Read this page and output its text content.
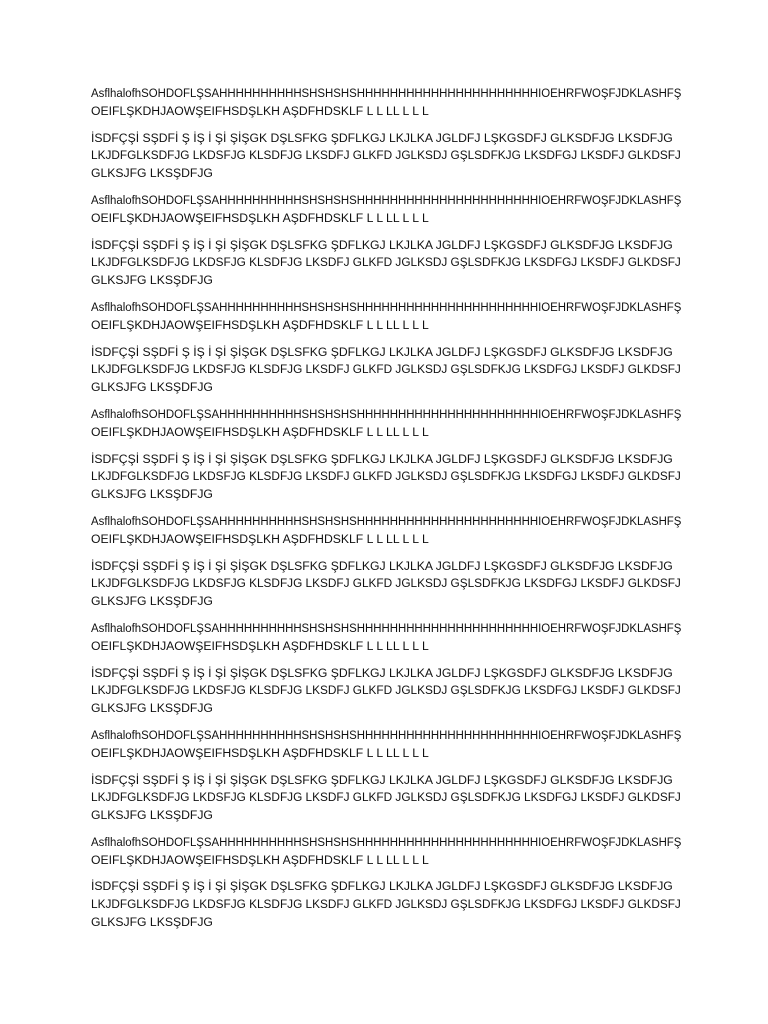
AsflhalofhSOHDOFLŞSAHHHHHHHHHHSHSHSHSHHHHHHHHHHHHHHHHHHHHHHIOEHRFWOŞFJDKLASHFŞ
OEIFLŞKDHJAOWŞEIFHSDŞLKH AŞDFHDSKLF L L LL L L L
İSDFÇŞİ SŞDFİ Ş İŞ İ Şİ ŞİŞGK DŞLSFKG ŞDFLKGJ LKJLKA JGLDFJ LŞKGSDFJ GLKSDFJG LKSDFJG
LKJDFGLKSDFJG LKDSFJG KLSDFJG LKSDFJ GLKFD JGLKSDJ GŞLSDFKJG LKSDFGJ LKSDFJ GLKDSFJ
GLKSJFG LKSŞDFJG
AsflhalofhSOHDOFLŞSAHHHHHHHHHHSHSHSHSHHHHHHHHHHHHHHHHHHHHHHIOEHRFWOŞFJDKLASHFŞ
OEIFLŞKDHJAOWŞEIFHSDŞLKH AŞDFHDSKLF L L LL L L L
İSDFÇŞİ SŞDFİ Ş İŞ İ Şİ ŞİŞGK DŞLSFKG ŞDFLKGJ LKJLKA JGLDFJ LŞKGSDFJ GLKSDFJG LKSDFJG
LKJDFGLKSDFJG LKDSFJG KLSDFJG LKSDFJ GLKFD JGLKSDJ GŞLSDFKJG LKSDFGJ LKSDFJ GLKDSFJ
GLKSJFG LKSŞDFJG
AsflhalofhSOHDOFLŞSAHHHHHHHHHHSHSHSHSHHHHHHHHHHHHHHHHHHHHHHIOEHRFWOŞFJDKLASHFŞ
OEIFLŞKDHJAOWŞEIFHSDŞLKH AŞDFHDSKLF L L LL L L L
İSDFÇŞİ SŞDFİ Ş İŞ İ Şİ ŞİŞGK DŞLSFKG ŞDFLKGJ LKJLKA JGLDFJ LŞKGSDFJ GLKSDFJG LKSDFJG
LKJDFGLKSDFJG LKDSFJG KLSDFJG LKSDFJ GLKFD JGLKSDJ GŞLSDFKJG LKSDFGJ LKSDFJ GLKDSFJ
GLKSJFG LKSŞDFJG
AsflhalofhSOHDOFLŞSAHHHHHHHHHHSHSHSHSHHHHHHHHHHHHHHHHHHHHHHIOEHRFWOŞFJDKLASHFŞ
OEIFLŞKDHJAOWŞEIFHSDŞLKH AŞDFHDSKLF L L LL L L L
İSDFÇŞİ SŞDFİ Ş İŞ İ Şİ ŞİŞGK DŞLSFKG ŞDFLKGJ LKJLKA JGLDFJ LŞKGSDFJ GLKSDFJG LKSDFJG
LKJDFGLKSDFJG LKDSFJG KLSDFJG LKSDFJ GLKFD JGLKSDJ GŞLSDFKJG LKSDFGJ LKSDFJ GLKDSFJ
GLKSJFG LKSŞDFJG
AsflhalofhSOHDOFLŞSAHHHHHHHHHHSHSHSHSHHHHHHHHHHHHHHHHHHHHHHIOEHRFWOŞFJDKLASHFŞ
OEIFLŞKDHJAOWŞEIFHSDŞLKH AŞDFHDSKLF L L LL L L L
İSDFÇŞİ SŞDFİ Ş İŞ İ Şİ ŞİŞGK DŞLSFKG ŞDFLKGJ LKJLKA JGLDFJ LŞKGSDFJ GLKSDFJG LKSDFJG
LKJDFGLKSDFJG LKDSFJG KLSDFJG LKSDFJ GLKFD JGLKSDJ GŞLSDFKJG LKSDFGJ LKSDFJ GLKDSFJ
GLKSJFG LKSŞDFJG
AsflhalofhSOHDOFLŞSAHHHHHHHHHHSHSHSHSHHHHHHHHHHHHHHHHHHHHHHIOEHRFWOŞFJDKLASHFŞ
OEIFLŞKDHJAOWŞEIFHSDŞLKH AŞDFHDSKLF L L LL L L L
İSDFÇŞİ SŞDFİ Ş İŞ İ Şİ ŞİŞGK DŞLSFKG ŞDFLKGJ LKJLKA JGLDFJ LŞKGSDFJ GLKSDFJG LKSDFJG
LKJDFGLKSDFJG LKDSFJG KLSDFJG LKSDFJ GLKFD JGLKSDJ GŞLSDFKJG LKSDFGJ LKSDFJ GLKDSFJ
GLKSJFG LKSŞDFJG
AsflhalofhSOHDOFLŞSAHHHHHHHHHHSHSHSHSHHHHHHHHHHHHHHHHHHHHHHIOEHRFWOŞFJDKLASHFŞ
OEIFLŞKDHJAOWŞEIFHSDŞLKH AŞDFHDSKLF L L LL L L L
İSDFÇŞİ SŞDFİ Ş İŞ İ Şİ ŞİŞGK DŞLSFKG ŞDFLKGJ LKJLKA JGLDFJ LŞKGSDFJ GLKSDFJG LKSDFJG
LKJDFGLKSDFJG LKDSFJG KLSDFJG LKSDFJ GLKFD JGLKSDJ GŞLSDFKJG LKSDFGJ LKSDFJ GLKDSFJ
GLKSJFG LKSŞDFJG
AsflhalofhSOHDOFLŞSAHHHHHHHHHHSHSHSHSHHHHHHHHHHHHHHHHHHHHHHIOEHRFWOŞFJDKLASHFŞ
OEIFLŞKDHJAOWŞEIFHSDŞLKH AŞDFHDSKLF L L LL L L L
İSDFÇŞİ SŞDFİ Ş İŞ İ Şİ ŞİŞGK DŞLSFKG ŞDFLKGJ LKJLKA JGLDFJ LŞKGSDFJ GLKSDFJG LKSDFJG
LKJDFGLKSDFJG LKDSFJG KLSDFJG LKSDFJ GLKFD JGLKSDJ GŞLSDFKJG LKSDFGJ LKSDFJ GLKDSFJ
GLKSJFG LKSŞDFJG
